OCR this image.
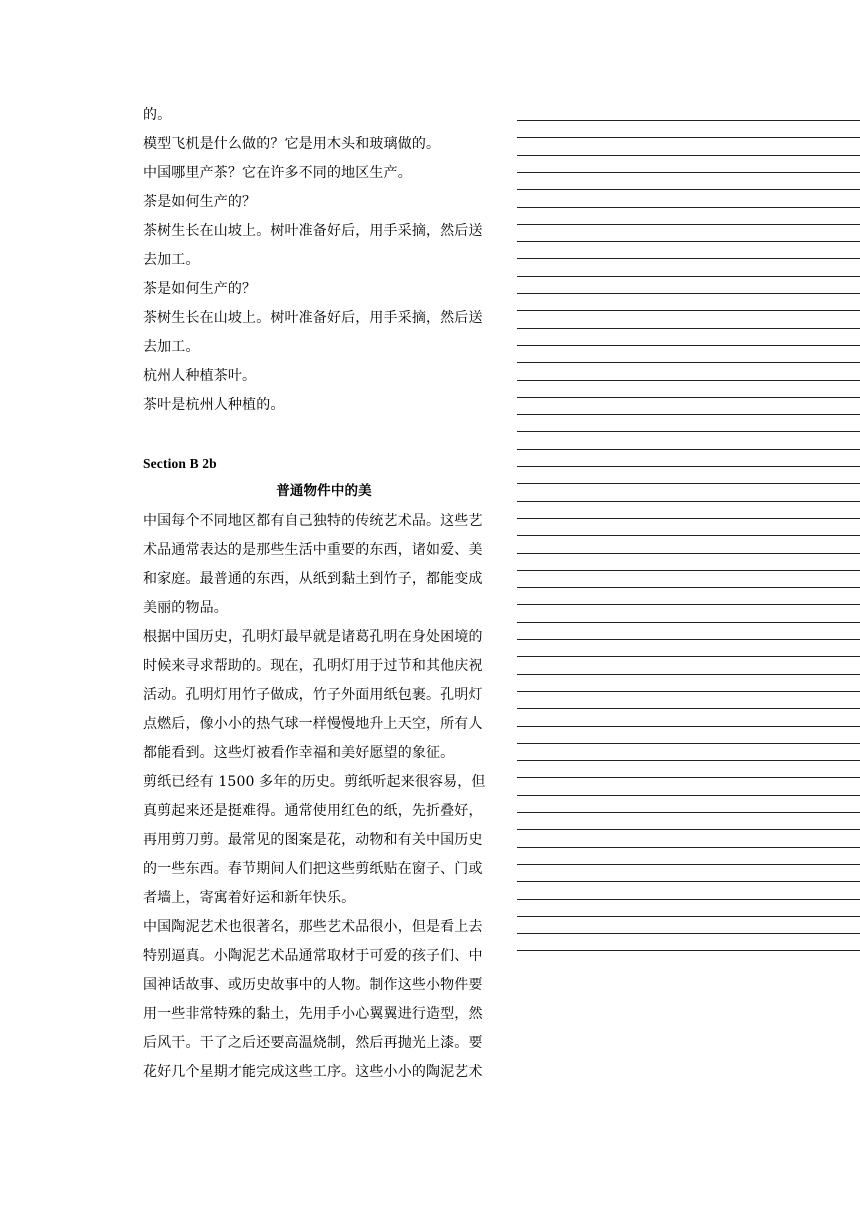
的。
模型飞机是什么做的？它是用木头和玻璃做的。
中国哪里产茶？它在许多不同的地区生产。
茶是如何生产的？
茶树生长在山坡上。树叶准备好后，用手采摘，然后送
去加工。
茶是如何生产的？
茶树生长在山坡上。树叶准备好后，用手采摘，然后送
去加工。
杭州人种植茶叶。
茶叶是杭州人种植的。
Section B 2b
普通物件中的美
中国每个不同地区都有自己独特的传统艺术品。这些艺
术品通常表达的是那些生活中重要的东西，诸如爱、美
和家庭。最普通的东西，从纸到黏土到竹子，都能变成
美丽的物品。
根据中国历史，孔明灯最早就是诸葛孔明在身处困境的
时候来寻求帮助的。现在，孔明灯用于过节和其他庆祝
活动。孔明灯用竹子做成，竹子外面用纸包裹。孔明灯
点燃后，像小小的热气球一样慢慢地升上天空，所有人
都能看到。这些灯被看作幸福和美好愿望的象征。
剪纸已经有 1500 多年的历史。剪纸听起来很容易，但
真剪起来还是挺难得。通常使用红色的纸，先折叠好，
再用剪刀剪。最常见的图案是花，动物和有关中国历史
的一些东西。春节期间人们把这些剪纸贴在窗子、门或
者墙上，寄寓着好运和新年快乐。
中国陶泥艺术也很著名，那些艺术品很小，但是看上去
特别逼真。小陶泥艺术品通常取材于可爱的孩子们、中
国神话故事、或历史故事中的人物。制作这些小物件要
用一些非常特殊的黏土，先用手小心翼翼进行造型，然
后风干。干了之后还要高温烧制，然后再抛光上漆。要
花好几个星期才能完成这些工序。这些小小的陶泥艺术
